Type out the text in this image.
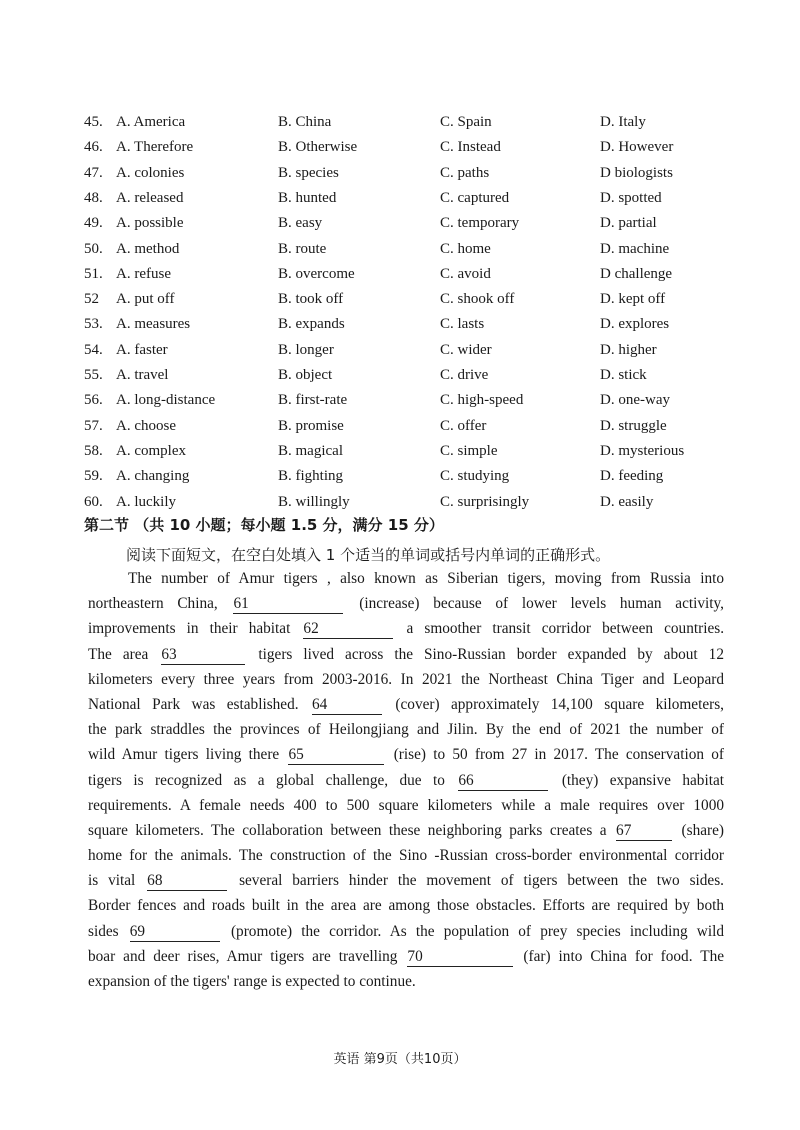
45. A. America	B. China	C. Spain	D. Italy
46. A. Therefore	B. Otherwise	C. Instead	D. However
47. A. colonies	B. species	C. paths	D biologists
48. A. released	B. hunted	C. captured	D. spotted
49. A. possible	B. easy	C. temporary	D. partial
50. A. method	B. route	C. home	D. machine
51. A. refuse	B. overcome	C. avoid	D challenge
52 A. put off	B. took off	C. shook off	D. kept off
53. A. measures	B. expands	C. lasts	D. explores
54. A. faster	B. longer	C. wider	D. higher
55. A. travel	B. object	C. drive	D. stick
56. A. long-distance	B. first-rate	C. high-speed	D. one-way
57. A. choose	B. promise	C. offer	D. struggle
58. A. complex	B. magical	C. simple	D. mysterious
59. A. changing	B. fighting	C. studying	D. feeding
60. A. luckily	B. willingly	C. surprisingly	D. easily
第二节 （共 10 小题；每小题 1.5 分，满分 15 分）
阅读下面短文，在空白处填入 1 个适当的单词或括号内单词的正确形式。
The number of Amur tigers , also known as Siberian tigers, moving from Russia into
northeastern China, 61	(increase) because of lower levels human activity,
improvements in their habitat 62	a smoother transit corridor between countries.
The area 63	tigers lived across the Sino-Russian border expanded by about 12
kilometers every three years from 2003-2016. In 2021 the Northeast China Tiger and Leopard
National Park was established. 64	(cover) approximately 14,100 square kilometers,
the park straddles the provinces of Heilongjiang and Jilin. By the end of 2021 the number of
wild Amur tigers living there 65	(rise) to 50 from 27 in 2017. The conservation of
tigers is recognized as a global challenge, due to 66	(they) expansive habitat
requirements. A female needs 400 to 500 square kilometers while a male requires over 1000
square kilometers. The collaboration between these neighboring parks creates a 67	(share)
home for the animals. The construction of the Sino -Russian cross-border environmental corridor
is vital 68	several barriers hinder the movement of tigers between the two sides.
Border fences and roads built in the area are among those obstacles. Efforts are required by both
sides 69	(promote) the corridor. As the population of prey species including wild
boar and deer rises, Amur tigers are travelling 70	(far) into China for food. The
expansion of the tigers' range is expected to continue.
英语 第9页（共10页）
